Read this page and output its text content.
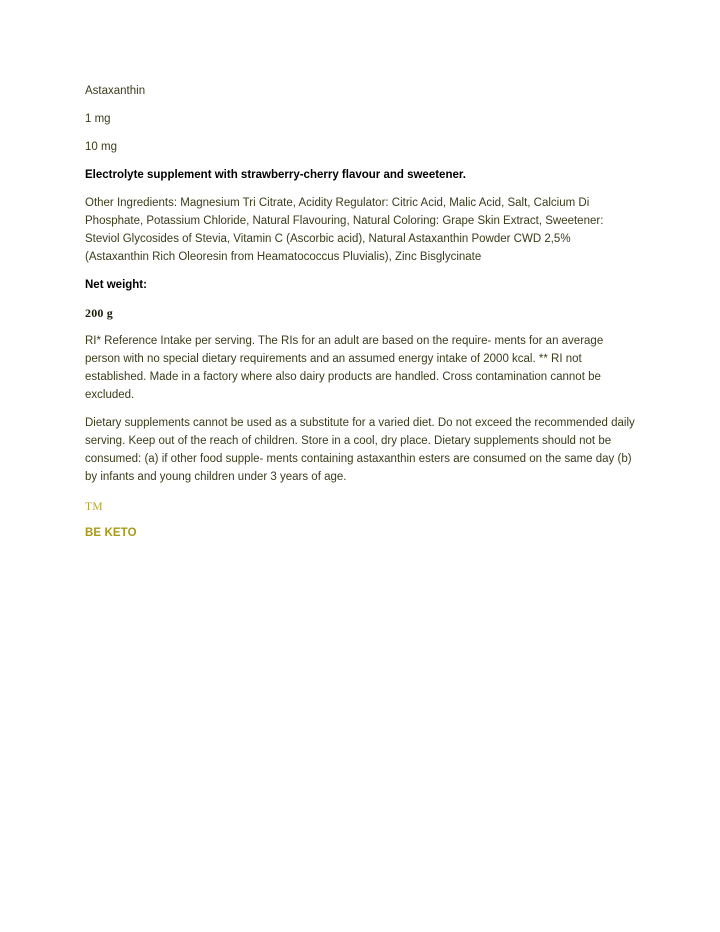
Astaxanthin

1 mg

10 mg

Electrolyte supplement with strawberry-cherry flavour and sweetener.

Other Ingredients: Magnesium Tri Citrate, Acidity Regulator: Citric Acid, Malic Acid, Salt, Calcium Di Phosphate, Potassium Chloride, Natural Flavouring, Natural Coloring: Grape Skin Extract, Sweetener: Steviol Glycosides of Stevia, Vitamin C (Ascorbic acid), Natural Astaxanthin Powder CWD 2,5% (Astaxanthin Rich Oleoresin from Heamatococcus Pluvialis), Zinc Bisglycinate

Net weight:

200 g

RI* Reference Intake per serving. The RIs for an adult are based on the require- ments for an average person with no special dietary requirements and an assumed energy intake of 2000 kcal. ** RI not established. Made in a factory where also dairy products are handled. Cross contamination cannot be excluded.

Dietary supplements cannot be used as a substitute for a varied diet. Do not exceed the recommended daily serving. Keep out of the reach of children. Store in a cool, dry place. Dietary supplements should not be consumed: (a) if other food supple- ments containing astaxanthin esters are consumed on the same day (b) by infants and young children under 3 years of age.

TM

BE KETO
